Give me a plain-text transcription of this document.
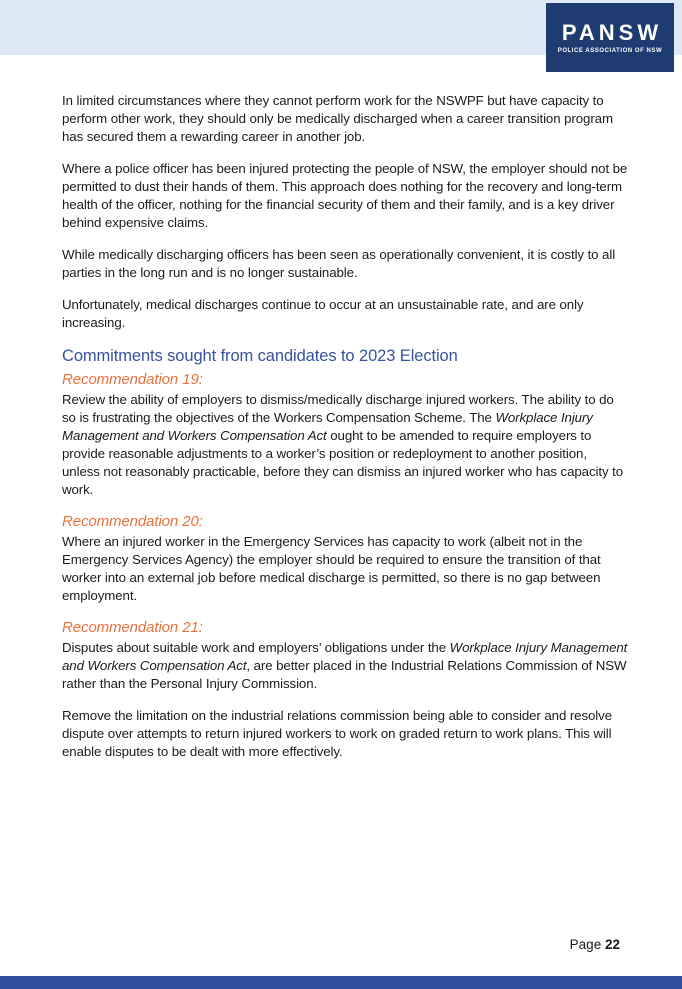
PANSW
POLICE ASSOCIATION OF NSW

In limited circumstances where they cannot perform work for the NSWPF but have capacity to perform other work, they should only be medically discharged when a career transition program has secured them a rewarding career in another job.

Where a police officer has been injured protecting the people of NSW, the employer should not be permitted to dust their hands of them. This approach does nothing for the recovery and long-term health of the officer, nothing for the financial security of them and their family, and is a key driver behind expensive claims.

While medically discharging officers has been seen as operationally convenient, it is costly to all parties in the long run and is no longer sustainable.

Unfortunately, medical discharges continue to occur at an unsustainable rate, and are only increasing.

Commitments sought from candidates to 2023 Election
Recommendation 19:

Review the ability of employers to dismiss/medically discharge injured workers. The ability to do so is frustrating the objectives of the Workers Compensation Scheme. The Workplace Injury Management and Workers Compensation Act ought to be amended to require employers to provide reasonable adjustments to a worker’s position or redeployment to another position, unless not reasonably practicable, before they can dismiss an injured worker who has capacity to work.

Recommendation 20:

Where an injured worker in the Emergency Services has capacity to work (albeit not in the Emergency Services Agency) the employer should be required to ensure the transition of that worker into an external job before medical discharge is permitted, so there is no gap between employment.

Recommendation 21:

Disputes about suitable work and employers’ obligations under the Workplace Injury Management and Workers Compensation Act, are better placed in the Industrial Relations Commission of NSW rather than the Personal Injury Commission.

Remove the limitation on the industrial relations commission being able to consider and resolve dispute over attempts to return injured workers to work on graded return to work plans. This will enable disputes to be dealt with more effectively.

Page 22
